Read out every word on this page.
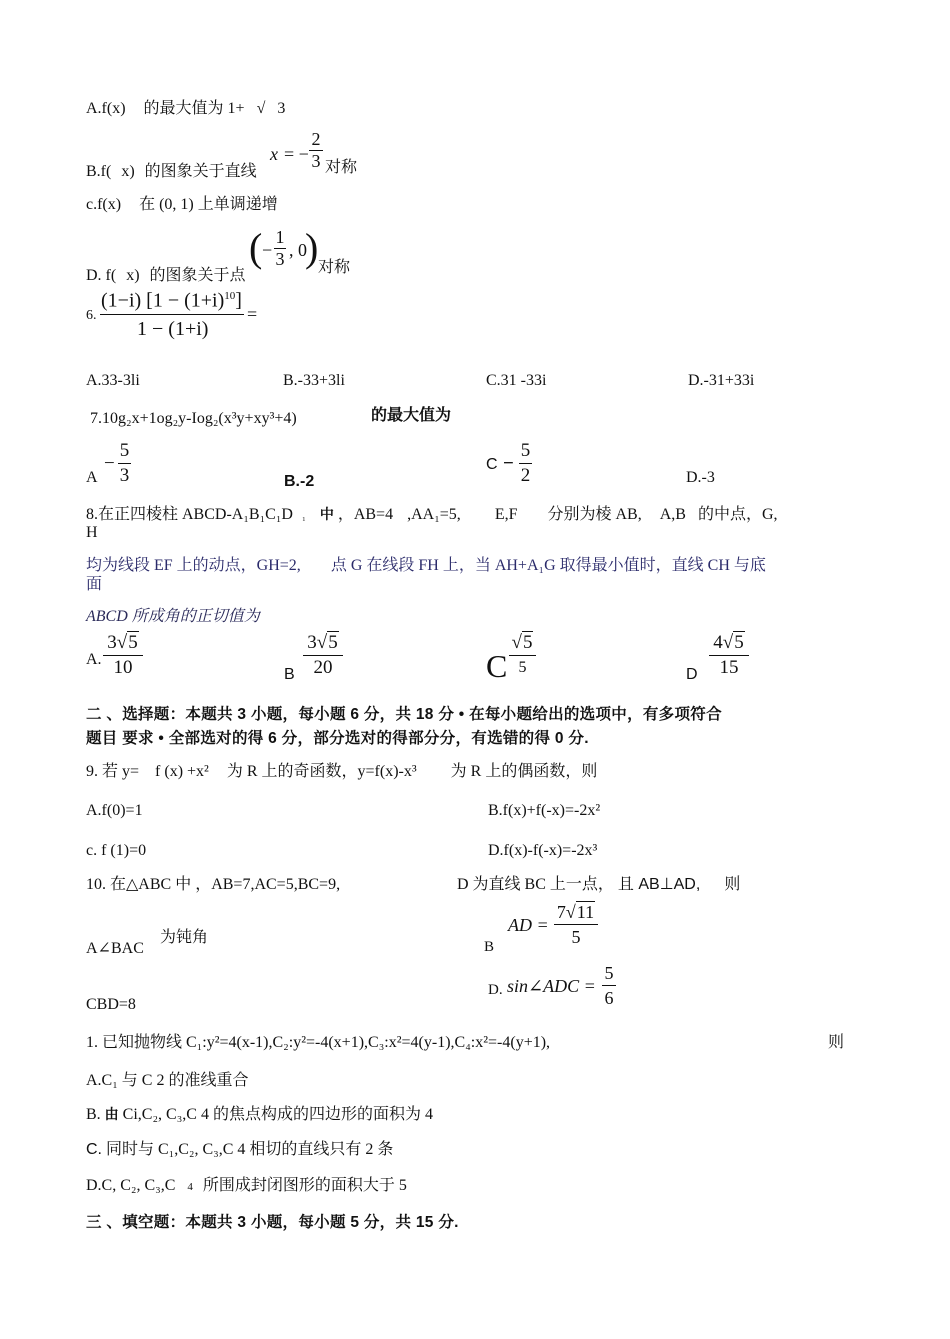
A.f(x) 的最大值为 1+ √ 3
B.f( x) 的图象关于直线
x = −
2
3 对称
c.f(x) 在 (0, 1) 上单调递增
D. f( x) 的图象关于点
( −
1
3 , 0
) 对称
6.
(1−i) $[1 - (1+i)^{10}]$
1 − (1+i)
=
A.33-3li	B.-33+3li	C.31 -33i	D.-31+33i
7.10g₂x+1og₂y-Iog₂(x³y+xy³+4)	的最大值为
A
−
5
3	B.-2
C −
5
2	D.-3
8.在正四棱柱 ABCD-A₁B₁C₁D ₁ 中 ，AB=4 ,AA₁=5, E,F 分别为棱 AB, A,B 的中点，G,
H
均为线段 EF 上的动点，GH=2, 点 G 在线段 FH 上，当 AH+A₁G 取得最小值时，直线 CH 与底
面
ABCD 所成角的正切值为
A.
3√5
10	B
3√5
20	C
√5
5	D
4√5
15
二 、选择题：本题共 3 小题，每小题 6 分，共 18 分 • 在每小题给出的选项中，有多项符合
题目 要求 • 全部选对的得 6 分，部分选对的得部分分，有选错的得 0 分.
9. 若 y= f (x) +x² 为 R 上的奇函数，y=f(x)-x³ 为 R 上的偶函数，则
A.f(0)=1	B.f(x)+f(-x)=-2x²
c. f (1)=0	D.f(x)-f(-x)=-2x³
10. 在△ABC 中 ，AB=7,AC=5,BC=9,	D 为直线 BC 上一点， 且 AB⊥AD, 则
A∠BAC
为钝角
B
AD =
7√11
5
CBD=8
D. sin∠ADC =
5
6
1. 已知抛物线 C₁:y²=4(x-1),C₂:y²=-4(x+1),C₃:x²=4(y-1),C₄:x²=-4(y+1),	则
A.C₁ 与 C 2 的准线重合
B. 由 Ci,C₂, C₃,C 4 的焦点构成的四边形的面积为 4
C. 同时与 C₁,C₂, C₃,C 4 相切的直线只有 2 条
D.C, C₂, C₃,C 4 所围成封闭图形的面积大于 5
三 、填空题：本题共 3 小题，每小题 5 分，共 15 分.
